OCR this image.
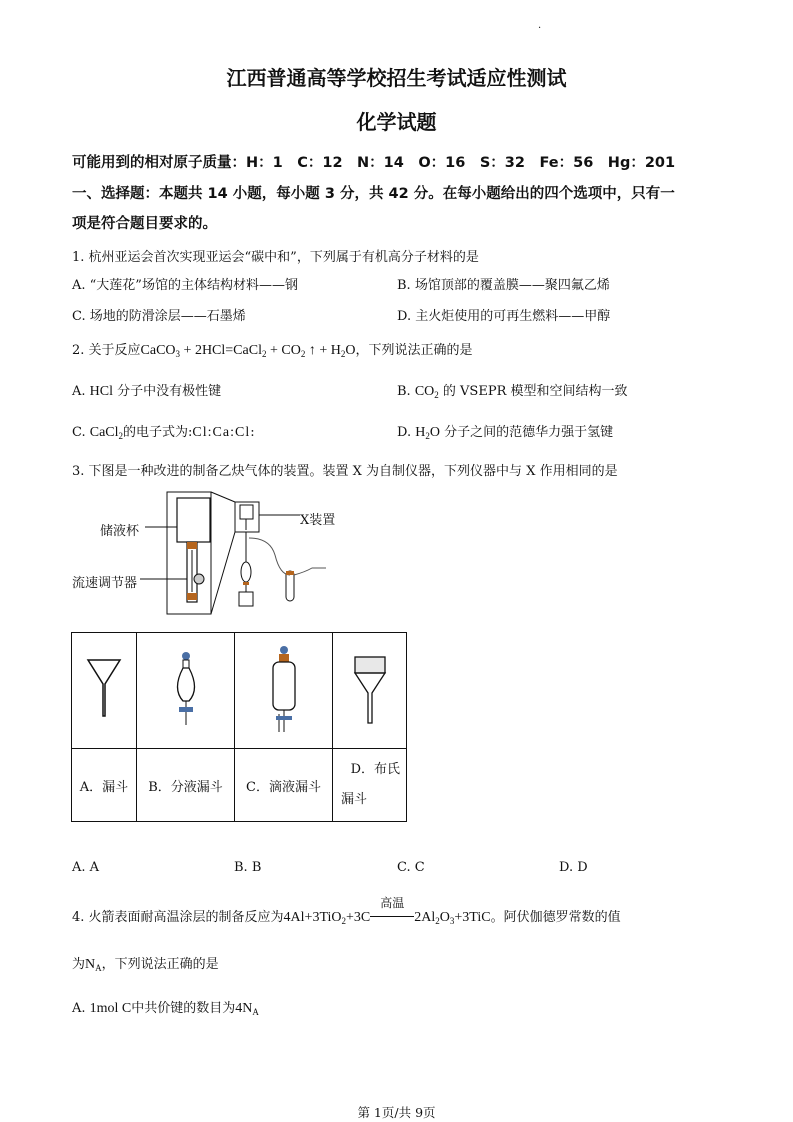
.
江西普通高等学校招生考试适应性测试
化学试题
可能用到的相对原子质量：H：1　C：12　N：14　O：16　S：32　Fe：56　Hg：201
一、选择题：本题共 14 小题，每小题 3 分，共 42 分。在每小题给出的四个选项中，只有一
项是符合题目要求的。
1. 杭州亚运会首次实现亚运会“碳中和”，下列属于有机高分子材料的是
A. “大莲花”场馆的主体结构材料——钢	B. 场馆顶部的覆盖膜——聚四氟乙烯
C. 场地的防滑涂层——石墨烯	D. 主火炬使用的可再生燃料——甲醇
2. 关于反应CaCO$_3$ + 2HCl=CaCl$_2$ + $CO_2$ ↑ + $H_2O$，下列说法正确的是
A. HCl 分子中没有极性键	B. $CO_2$ 的 VSEPR 模型和空间结构一致
C. CaCl$_2$的电子式为:Cl:Ca:Cl:	D. $H_2O$ 分子之间的范德华力强于氢键
3. 下图是一种改进的制备乙炔气体的装置。装置 X 为自制仪器，下列仪器中与 X 作用相同的是
储液杯
流速调节器
X装置

A．漏斗	B．分液漏斗	C．滴液漏斗	D．布氏
漏斗
A. A	B. B	C. C	D. D
4. 火箭表面耐高温涂层的制备反应为4Al+3TiO$_2$+3C
高温
$2Al_2O_3+3TiC$。阿伏伽德罗常数的值
为$N_A$，下列说法正确的是
A. 1mol C中共价键的数目为$4N_A$
第 1页/共 9页
